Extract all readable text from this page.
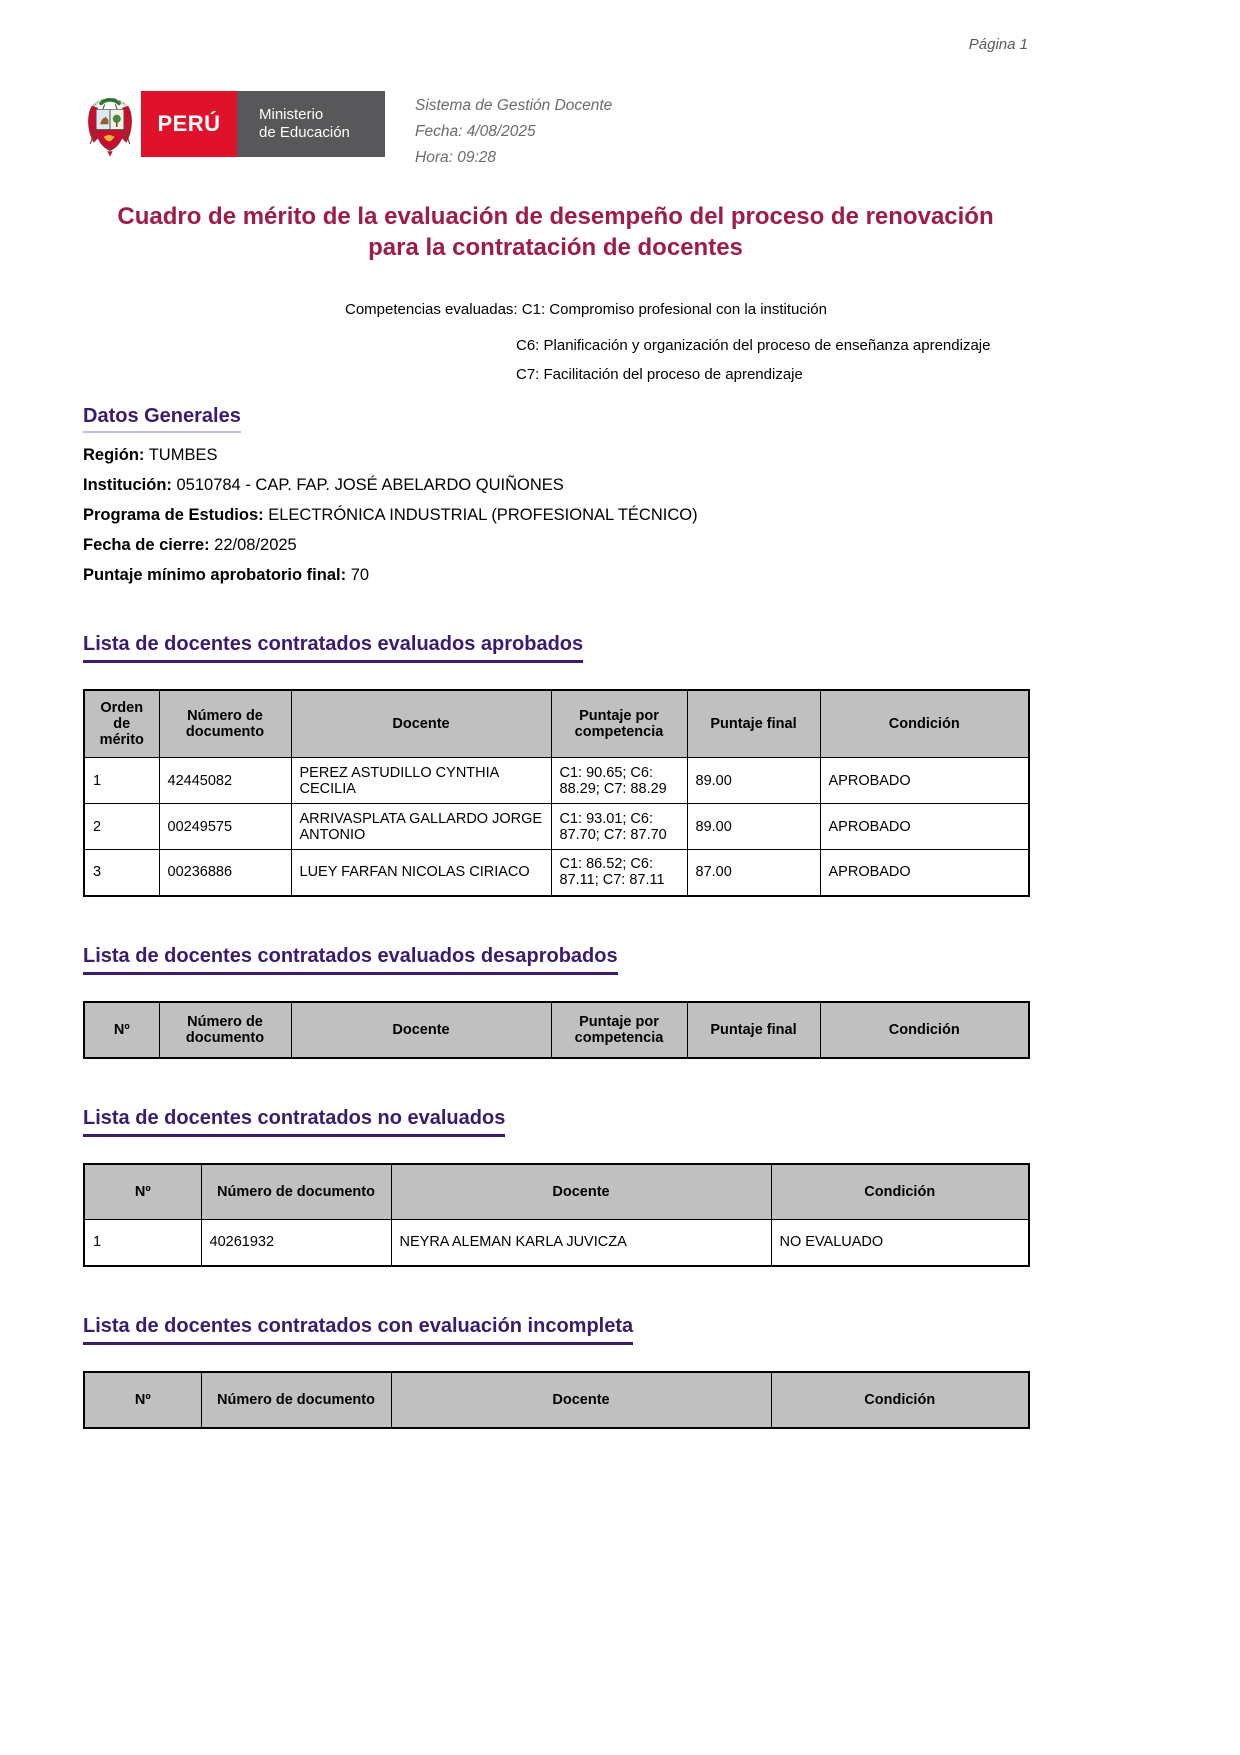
Página 1
REPÚBLICA DEL PERÚ
PERÚ	Ministerio
de Educación
Sistema de Gestión Docente
Fecha: 4/08/2025
Hora: 09:28
Cuadro de mérito de la evaluación de desempeño del proceso de renovación para la contratación de docentes
Competencias evaluadas: C1: Compromiso profesional con la institución
C6: Planificación y organización del proceso de enseñanza aprendizaje
C7: Facilitación del proceso de aprendizaje
Datos Generales
Región: TUMBES
Institución: 0510784 - CAP. FAP. JOSÉ ABELARDO QUIÑONES
Programa de Estudios: ELECTRÓNICA INDUSTRIAL (PROFESIONAL TÉCNICO)
Fecha de cierre: 22/08/2025
Puntaje mínimo aprobatorio final: 70
Lista de docentes contratados evaluados aprobados
Orden de mérito	Número de documento	Docente	Puntaje por competencia	Puntaje final	Condición
1	42445082	PEREZ ASTUDILLO CYNTHIA CECILIA	C1: 90.65; C6: 88.29; C7: 88.29	89.00	APROBADO
2	00249575	ARRIVASPLATA GALLARDO JORGE ANTONIO	C1: 93.01; C6: 87.70; C7: 87.70	89.00	APROBADO
3	00236886	LUEY FARFAN NICOLAS CIRIACO	C1: 86.52; C6: 87.11; C7: 87.11	87.00	APROBADO
Lista de docentes contratados evaluados desaprobados
Nº	Número de documento	Docente	Puntaje por competencia	Puntaje final	Condición
Lista de docentes contratados no evaluados
Nº	Número de documento	Docente	Condición
1	40261932	NEYRA ALEMAN KARLA JUVICZA	NO EVALUADO
Lista de docentes contratados con evaluación incompleta
Nº	Número de documento	Docente	Condición
